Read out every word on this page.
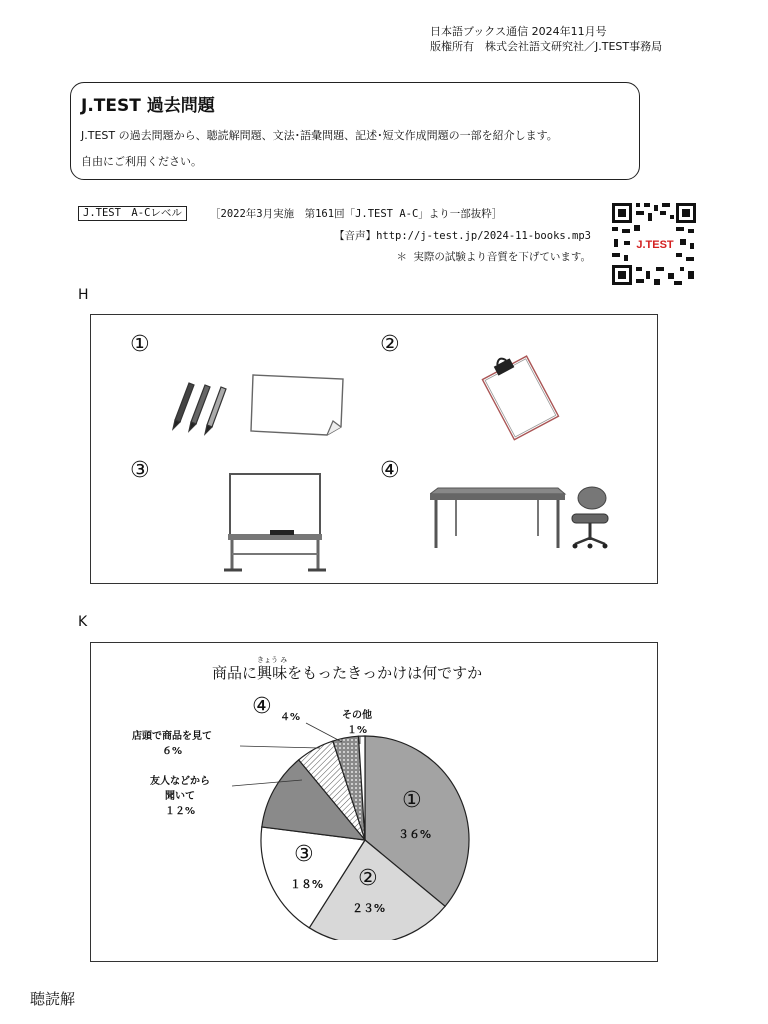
日本語ブックス通信 2024年11月号
版権所有　株式会社語文研究社／J.TEST事務局
J.TEST 過去問題
J.TEST の過去問題から、聴読解問題、文法･語彙問題、記述･短文作成問題の一部を紹介します。
自由にご利用ください。
J.TEST　A-Cレベル	［2022年3月実施　第161回「J.TEST A-C」より一部抜粋］
【音声】http://j-test.jp/2024-11-books.mp3
＊ 実際の試験より音質を下げています。
J.TEST
H
①	②
③	④
K
商品に興味きょう みをもったきっかけは何ですか
①
３６%
②
２３%
③
１８%
④ ４%	その他
１%
店頭で商品を見て
６%
友人などから
聞いて
１２%
聴読解
